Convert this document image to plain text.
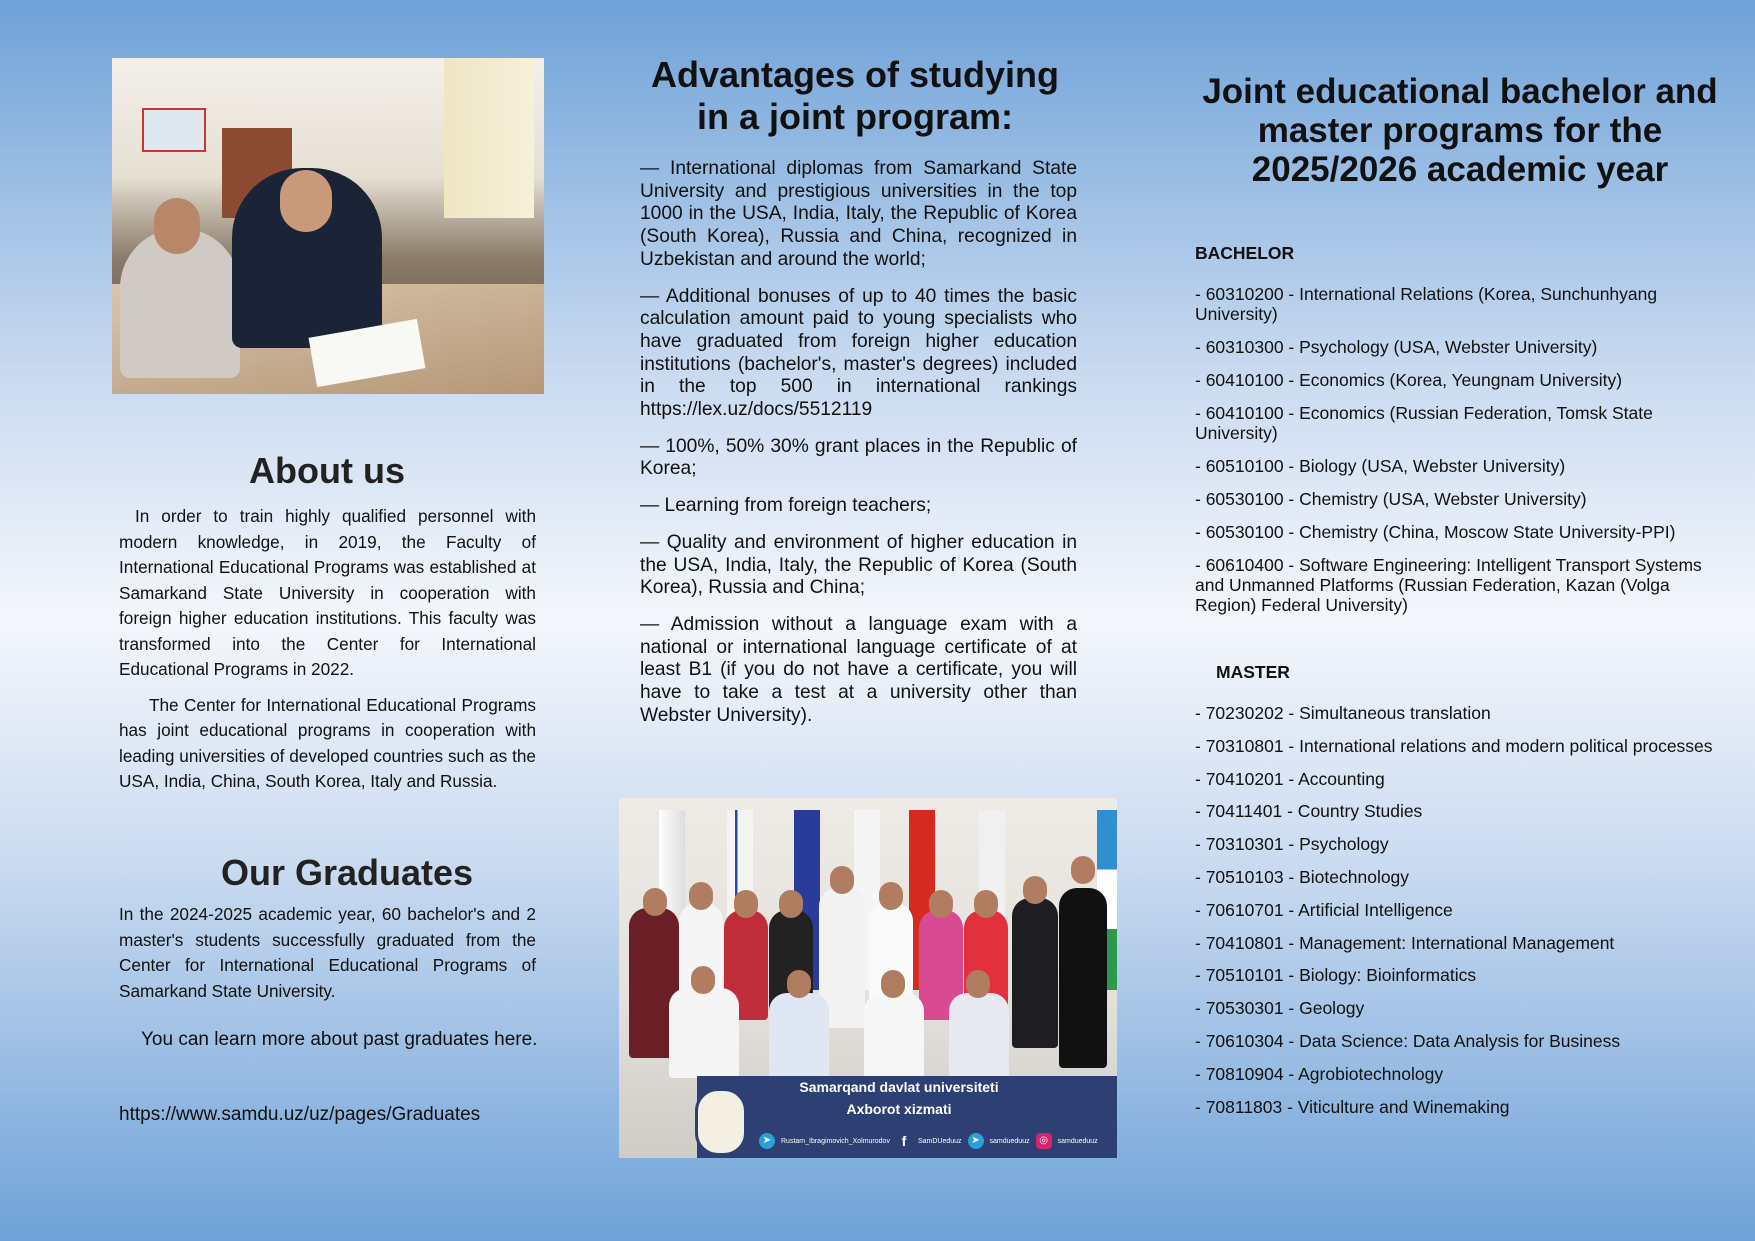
About us

In order to train highly qualified personnel with modern knowledge, in 2019, the Faculty of International Educational Programs was established at Samarkand State University in cooperation with foreign higher education institutions. This faculty was transformed into the Center for International Educational Programs in 2022.

The Center for International Educational Programs has joint educational programs in cooperation with leading universities of developed countries such as the USA, India, China, South Korea, Italy and Russia.

Our Graduates

In the 2024-2025 academic year, 60 bachelor's and 2 master's students successfully graduated from the Center for International Educational Programs of Samarkand State University.

You can learn more about past graduates here.

https://www.samdu.uz/uz/pages/Graduates

Advantages of studying in a joint program:
— International diplomas from Samarkand State University and prestigious universities in the top 1000 in the USA, India, Italy, the Republic of Korea (South Korea), Russia and China, recognized in Uzbekistan and around the world;
— Additional bonuses of up to 40 times the basic calculation amount paid to young specialists who have graduated from foreign higher education institutions (bachelor's, master's degrees) included in the top 500 in international rankings https://lex.uz/docs/5512119
— 100%, 50% 30% grant places in the Republic of Korea;
— Learning from foreign teachers;
— Quality and environment of higher education in the USA, India, Italy, the Republic of Korea (South Korea), Russia and China;
— Admission without a language exam with a national or international language certificate of at least B1 (if you do not have a certificate, you will have to take a test at a university other than Webster University).
Samarqand davlat universiteti
Axborot xizmati
➤	Rustam_Ibragimovich_Xolmurodov f	SamDUeduuz ➤	samdueduuz ◎	samdueduuz
Joint educational bachelor and master programs for the 2025/2026 academic year
BACHELOR
- 60310200 - International Relations (Korea, Sunchunhyang University)
- 60310300 - Psychology (USA, Webster University)
- 60410100 - Economics (Korea, Yeungnam University)
- 60410100 - Economics (Russian Federation, Tomsk State University)
- 60510100 - Biology (USA, Webster University)
- 60530100 - Chemistry (USA, Webster University)
- 60530100 - Chemistry (China, Moscow State University-PPI)
- 60610400 - Software Engineering: Intelligent Transport Systems and Unmanned Platforms (Russian Federation, Kazan (Volga Region) Federal University)
MASTER
- 70230202 - Simultaneous translation
- 70310801 - International relations and modern political processes
- 70410201 - Accounting
- 70411401 - Country Studies
- 70310301 - Psychology
- 70510103 - Biotechnology
- 70610701 - Artificial Intelligence
- 70410801 - Management: International Management
- 70510101 - Biology: Bioinformatics
- 70530301 - Geology
- 70610304 - Data Science: Data Analysis for Business
- 70810904 - Agrobiotechnology
- 70811803 - Viticulture and Winemaking
